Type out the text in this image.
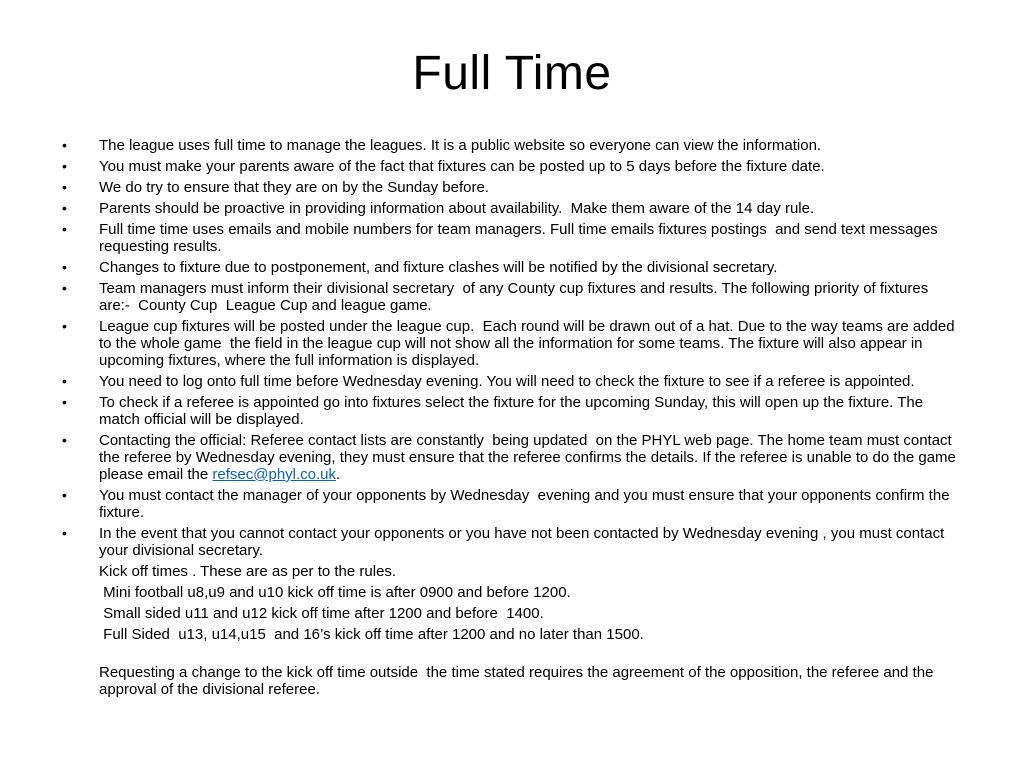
Full Time
•	The league uses full time to manage the leagues. It is a public website so everyone can view the information.
•	You must make your parents aware of the fact that fixtures can be posted up to 5 days before the fixture date.
•	We do try to ensure that they are on by the Sunday before.
•	Parents should be proactive in providing information about availability.  Make them aware of the 14 day rule.
•	Full time time uses emails and mobile numbers for team managers. Full time emails fixtures postings  and send text messages requesting results.
•	Changes to fixture due to postponement, and fixture clashes will be notified by the divisional secretary.
•	Team managers must inform their divisional secretary  of any County cup fixtures and results. The following priority of fixtures are:-  County Cup  League Cup and league game.
•	League cup fixtures will be posted under the league cup.  Each round will be drawn out of a hat. Due to the way teams are added to the whole game  the field in the league cup will not show all the information for some teams. The fixture will also appear in  upcoming fixtures, where the full information is displayed.
•	You need to log onto full time before Wednesday evening. You will need to check the fixture to see if a referee is appointed.
•	To check if a referee is appointed go into fixtures select the fixture for the upcoming Sunday, this will open up the fixture. The match official will be displayed.
•	Contacting the official: Referee contact lists are constantly  being updated  on the PHYL web page. The home team must contact the referee by Wednesday evening, they must ensure that the referee confirms the details. If the referee is unable to do the game please email the refsec@phyl.co.uk.
•	You must contact the manager of your opponents by Wednesday  evening and you must ensure that your opponents confirm the fixture.
•	In the event that you cannot contact your opponents or you have not been contacted by Wednesday evening , you must contact your divisional secretary.
Kick off times . These are as per to the rules.
Mini football u8,u9 and u10 kick off time is after 0900 and before 1200.
Small sided u11 and u12 kick off time after 1200 and before  1400.
Full Sided  u13, u14,u15  and 16’s kick off time after 1200 and no later than 1500.
Requesting a change to the kick off time outside  the time stated requires the agreement of the opposition, the referee and the approval of the divisional referee.
